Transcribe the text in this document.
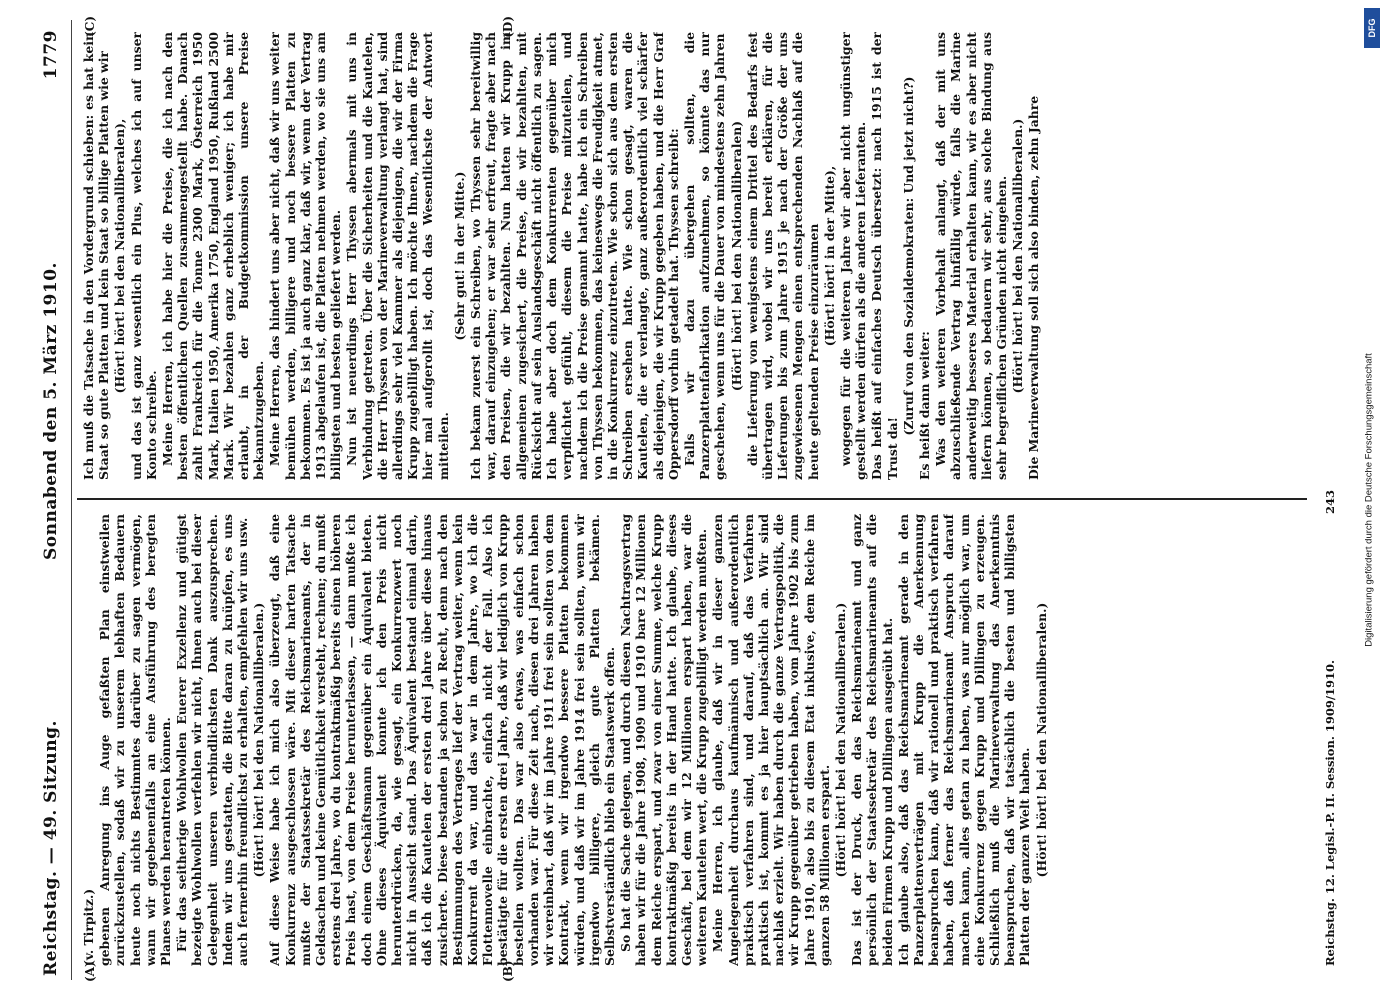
Reichstag. — 49. Sitzung.
Sonnabend den 5. März 1910.
1779
(A)	(B)
(C)	(D)

(v. Tirpitz.) gebenen Anregung ins Auge gefaßten Plan einstweilen zurückzustellen, sodaß wir zu unserem lebhaften Bedauern heute noch nichts Bestimmtes darüber zu sagen vermögen, wann wir gegebenenfalls an eine Ausführung des beregten Planes werden herantreten können. Für das seitherige Wohlwollen Euerer Exzellenz und gütigst bezeigte Wohlwollen verfehlen wir nicht, Ihnen auch bei dieser Gelegenheit unseren verbindlichsten Dank auszusprechen. Indem wir uns gestatten, die Bitte daran zu knüpfen, es uns auch fernerhin freundlichst zu erhalten, empfehlen wir uns usw. (Hört! hört! bei den Nationalliberalen.) Auf diese Weise habe ich mich also überzeugt, daß eine Konkurrenz ausgeschlossen wäre. Mit dieser harten Tatsache mußte der Staatssekretär des Reichsmarineamts, der in Geldsachen und keine Gemütlichkeit versteht, rechnen; du mußt erstens drei Jahre, wo du kontraktmäßig bereits einen höheren Preis hast, von dem Preise herunterlassen, — dann mußte ich doch einem Geschäftsmann gegenüber ein Äquivalent bieten. Ohne dieses Äquivalent konnte ich den Preis nicht herunterdrücken, da, wie gesagt, ein Konkurrenzwert noch nicht in Aussicht stand. Das Äquivalent bestand einmal darin, daß ich die Kautelen der ersten drei Jahre über diese hinaus zusicherte. Diese bestanden ja schon zu Recht, denn nach den Bestimmungen des Vertrages lief der Vertrag weiter, wenn kein Konkurrent da war, und das war in dem Jahre, wo ich die Flottennovelle einbrachte, einfach nicht der Fall. Also ich bestätigte für die ersten drei Jahre, daß wir lediglich von Krupp bestellen wollten. Das war also etwas, was einfach schon vorhanden war. Für diese Zeit nach, diesen drei Jahren haben wir vereinbart, daß wir im Jahre 1911 frei sein sollten von dem Kontrakt, wenn wir irgendwo bessere Platten bekommen würden, und daß wir im Jahre 1914 frei sein sollten, wenn wir irgendwo billigere, gleich gute Platten bekämen. Selbstverständlich blieb ein Staatswerk offen. So hat die Sache gelegen, und durch diesen Nachtragsvertrag haben wir für die Jahre 1908, 1909 und 1910 bare 12 Millionen dem Reiche erspart, und zwar von einer Summe, welche Krupp kontraktmäßig bereits in der Hand hatte. Ich glaube, dieses Geschäft, bei dem wir 12 Millionen erspart haben, war die weiteren Kautelen wert, die Krupp zugebilligt werden mußten. Meine Herren, ich glaube, daß wir in dieser ganzen Angelegenheit durchaus kaufmännisch und außerordentlich praktisch verfahren sind, und darauf, daß das Verfahren praktisch ist, kommt es ja hier hauptsächlich an. Wir sind nachlaß erzielt. Wir haben durch die ganze Vertragspolitik, die wir Krupp gegenüber getrieben haben, vom Jahre 1902 bis zum Jahre 1910, also bis zu diesem Etat inklusive, dem Reiche im ganzen 58 Millionen erspart. (Hört! hört! bei den Nationalliberalen.) Das ist der Druck, den das Reichsmarineamt und ganz persönlich der Staatssekretär des Reichsmarineamts auf die beiden Firmen Krupp und Dillingen ausgeübt hat. Ich glaube also, daß das Reichsmarineamt gerade in den Panzerplattenverträgen mit Krupp die Anerkennung beanspruchen kann, daß wir rationell und praktisch verfahren haben, daß ferner das Reichsmarineamt Anspruch darauf machen kann, alles getan zu haben, was nur möglich war, um eine Konkurrenz gegen Krupp und Dillingen zu erzeugen. Schließlich muß die Marineverwaltung das Anerkenntnis beanspruchen, daß wir tatsächlich die besten und billigsten Platten der ganzen Welt haben. (Hört! hört! bei den Nationalliberalen.)

Ich muß die Tatsache in den Vordergrund schieben: es hat kein Staat so gute Platten und kein Staat so billige Platten wie wir (Hört! hört! bei den Nationalliberalen), und das ist ganz wesentlich ein Plus, welches ich auf unser Konto schreibe. Meine Herren, ich habe hier die Preise, die ich nach den besten öffentlichen Quellen zusammengestellt habe. Danach zahlt Frankreich für die Tonne 2300 Mark, Österreich 1950 Mark, Italien 1950, Amerika 1750, England 1950, Rußland 2500 Mark. Wir bezahlen ganz erheblich weniger; ich habe mir erlaubt, in der Budgetkommission unsere Preise bekanntzugeben. Meine Herren, das hindert uns aber nicht, daß wir uns weiter bemühen werden, billigere und noch bessere Platten zu bekommen. Es ist ja auch ganz klar, daß wir, wenn der Vertrag 1913 abgelaufen ist, die Platten nehmen werden, wo sie uns am billigsten und besten geliefert werden. Nun ist neuerdings Herr Thyssen abermals mit uns in Verbindung getreten. Über die Sicherheiten und die Kautelen, die Herr Thyssen von der Marineverwaltung verlangt hat, sind allerdings sehr viel Kammer als diejenigen, die wir der Firma Krupp zugebilligt haben. Ich möchte Ihnen, nachdem die Frage hier mal aufgerollt ist, doch das Wesentlichste der Antwort mitteilen.

(Sehr gut! in der Mitte.) Ich bekam zuerst ein Schreiben, wo Thyssen sehr bereitwillig war, darauf einzugehen; er war sehr erfreut, fragte aber nach den Preisen, die wir bezahlten. Nun hatten wir Krupp im allgemeinen zugesichert, die Preise, die wir bezahlten, mit Rücksicht auf sein Auslandsgeschäft nicht öffentlich zu sagen. Ich habe aber doch dem Konkurrenten gegenüber mich verpflichtet gefühlt, diesem die Preise mitzuteilen, und nachdem ich die Preise genannt hatte, habe ich ein Schreiben von Thyssen bekommen, das keineswegs die Freudigkeit atmet, in die Konkurrenz einzutreten. Wie schon sich aus dem ersten Schreiben ersehen hatte. Wie schon gesagt, waren die Kautelen, die er verlangte, ganz außerordentlich viel schärfer als diejenigen, die wir Krupp gegeben haben, und die Herr Graf Oppersdorff vorhin getadelt hat. Thyssen schreibt: Falls wir dazu übergehen sollten, die Panzerplattenfabrikation aufzunehmen, so könnte das nur geschehen, wenn uns für die Dauer von mindestens zehn Jahren (Hört! hört! bei den Nationalliberalen) die Lieferung von wenigstens einem Drittel des Bedarfs fest übertragen wird, wobei wir uns bereit erklären, für die Lieferungen bis zum Jahre 1915 je nach der Größe der uns zugewiesenen Mengen einen entsprechenden Nachlaß auf die heute geltenden Preise einzuräumen (Hört! hört! in der Mitte), wogegen für die weiteren Jahre wir aber nicht ungünstiger gestellt werden dürfen als die anderen Lieferanten. Das heißt auf einfaches Deutsch übersetzt: nach 1915 ist der Trust da!

(Zuruf von den Sozialdemokraten: Und jetzt nicht?) Es heißt dann weiter: Was den weiteren Vorbehalt anlangt, daß der mit uns abzuschließende Vertrag hinfällig würde, falls die Marine anderweitig besseres Material erhalten kann, wir es aber nicht liefern können, so bedauern wir sehr, aus solche Bindung aus sehr begreiflichen Gründen nicht eingehen. (Hört! hört! bei den Nationalliberalen.) Die Marineverwaltung soll sich also binden, zehn Jahre

Reichstag. 12. Legisl.-P. II. Session. 1909/1910.
243
DFG
Digitalisierung gefördert durch die Deutsche Forschungsgemeinschaft
